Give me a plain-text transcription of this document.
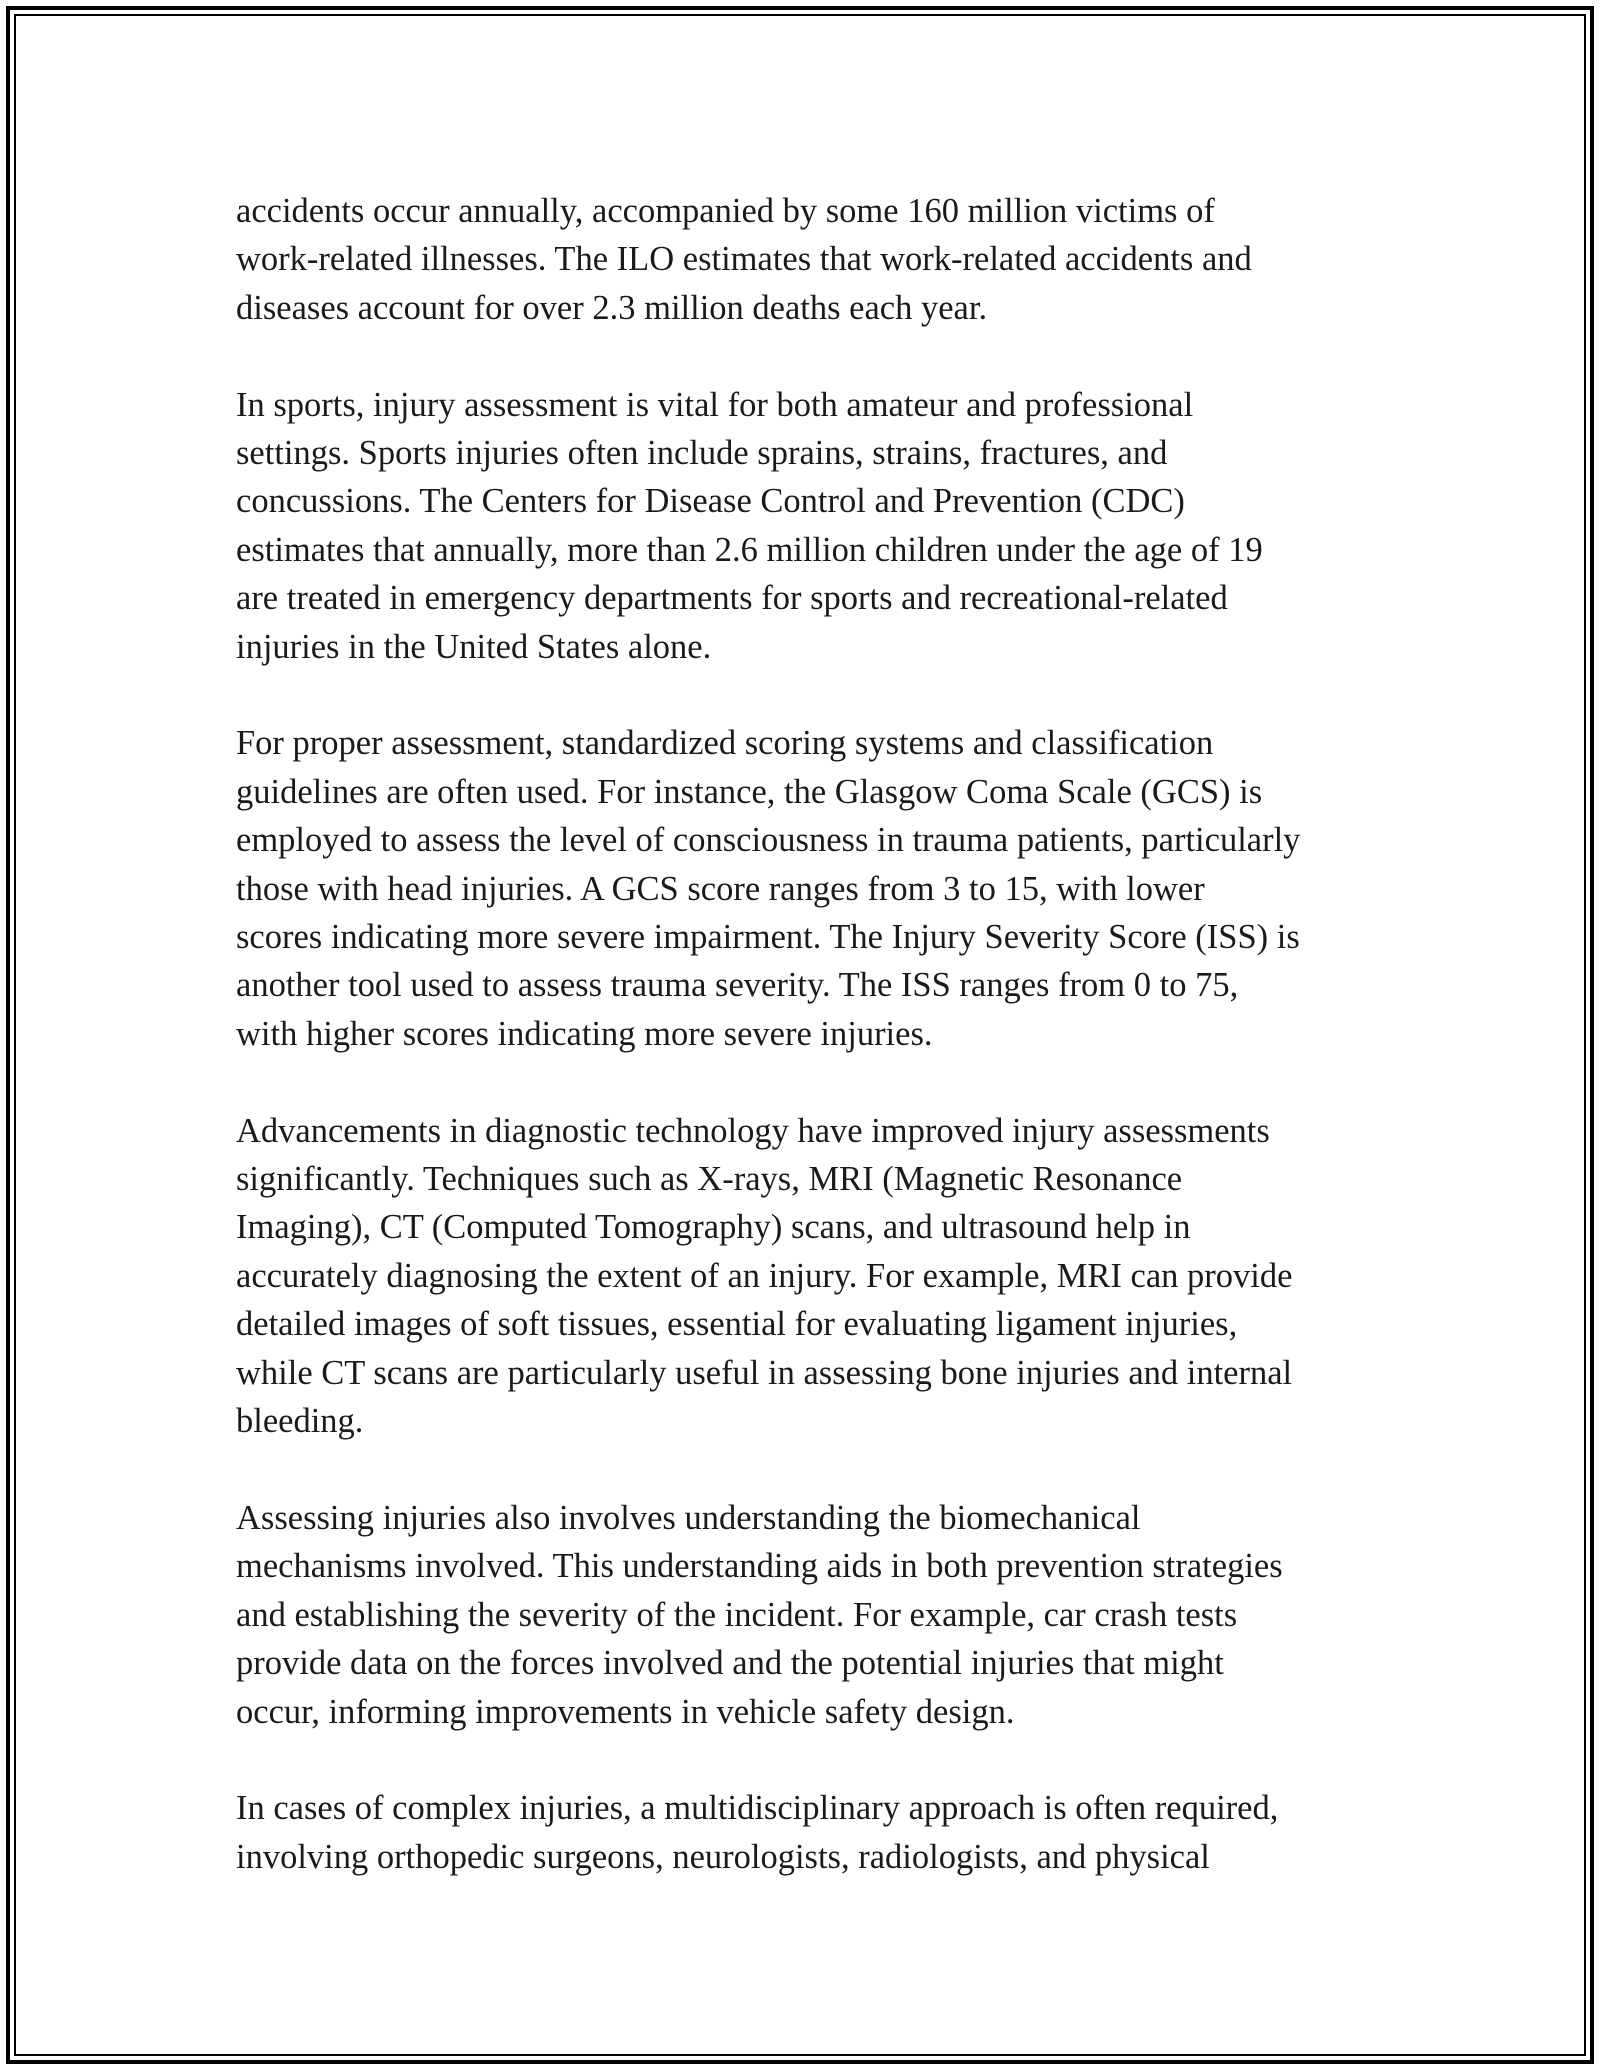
accidents occur annually, accompanied by some 160 million victims of
work-related illnesses. The ILO estimates that work-related accidents and
diseases account for over 2.3 million deaths each year.

In sports, injury assessment is vital for both amateur and professional
settings. Sports injuries often include sprains, strains, fractures, and
concussions. The Centers for Disease Control and Prevention (CDC)
estimates that annually, more than 2.6 million children under the age of 19
are treated in emergency departments for sports and recreational-related
injuries in the United States alone.

For proper assessment, standardized scoring systems and classification
guidelines are often used. For instance, the Glasgow Coma Scale (GCS) is
employed to assess the level of consciousness in trauma patients, particularly
those with head injuries. A GCS score ranges from 3 to 15, with lower
scores indicating more severe impairment. The Injury Severity Score (ISS) is
another tool used to assess trauma severity. The ISS ranges from 0 to 75,
with higher scores indicating more severe injuries.

Advancements in diagnostic technology have improved injury assessments
significantly. Techniques such as X-rays, MRI (Magnetic Resonance
Imaging), CT (Computed Tomography) scans, and ultrasound help in
accurately diagnosing the extent of an injury. For example, MRI can provide
detailed images of soft tissues, essential for evaluating ligament injuries,
while CT scans are particularly useful in assessing bone injuries and internal
bleeding.

Assessing injuries also involves understanding the biomechanical
mechanisms involved. This understanding aids in both prevention strategies
and establishing the severity of the incident. For example, car crash tests
provide data on the forces involved and the potential injuries that might
occur, informing improvements in vehicle safety design.

In cases of complex injuries, a multidisciplinary approach is often required,
involving orthopedic surgeons, neurologists, radiologists, and physical
